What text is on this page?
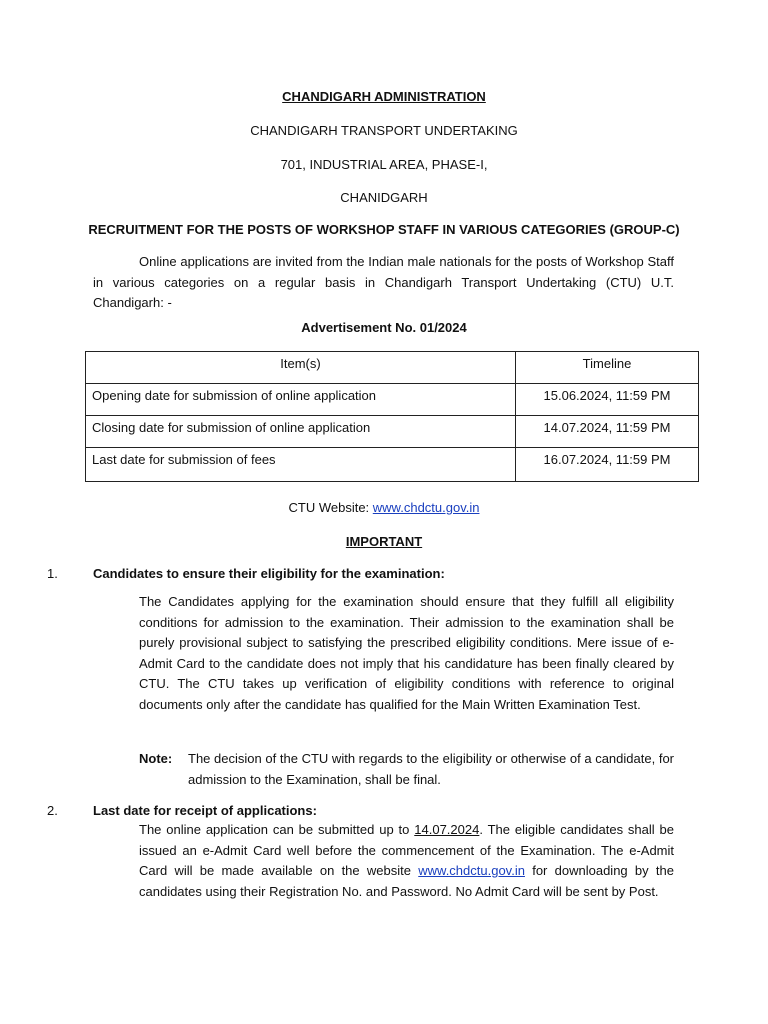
CHANDIGARH ADMINISTRATION
CHANDIGARH TRANSPORT UNDERTAKING
701, INDUSTRIAL AREA, PHASE-I,
CHANIDGARH
RECRUITMENT FOR THE POSTS OF WORKSHOP STAFF IN VARIOUS CATEGORIES (GROUP-C)
Online applications are invited from the Indian male nationals for the posts of Workshop Staff in various categories on a regular basis in Chandigarh Transport Undertaking (CTU) U.T. Chandigarh: -
Advertisement No. 01/2024
Item(s)	Timeline
Opening date for submission of online application	15.06.2024, 11:59 PM
Closing date for submission of online application	14.07.2024, 11:59 PM
Last date for submission of fees	16.07.2024, 11:59 PM
CTU Website: www.chdctu.gov.in
IMPORTANT
1.	Candidates to ensure their eligibility for the examination:
The Candidates applying for the examination should ensure that they fulfill all eligibility conditions for admission to the examination. Their admission to the examination shall be purely provisional subject to satisfying the prescribed eligibility conditions. Mere issue of e-Admit Card to the candidate does not imply that his candidature has been finally cleared by CTU. The CTU takes up verification of eligibility conditions with reference to original documents only after the candidate has qualified for the Main Written Examination Test.
Note: The decision of the CTU with regards to the eligibility or otherwise of a candidate, for admission to the Examination, shall be final.
2.	Last date for receipt of applications:
The online application can be submitted up to 14.07.2024. The eligible candidates shall be issued an e-Admit Card well before the commencement of the Examination. The e-Admit Card will be made available on the website www.chdctu.gov.in for downloading by the candidates using their Registration No. and Password. No Admit Card will be sent by Post.
